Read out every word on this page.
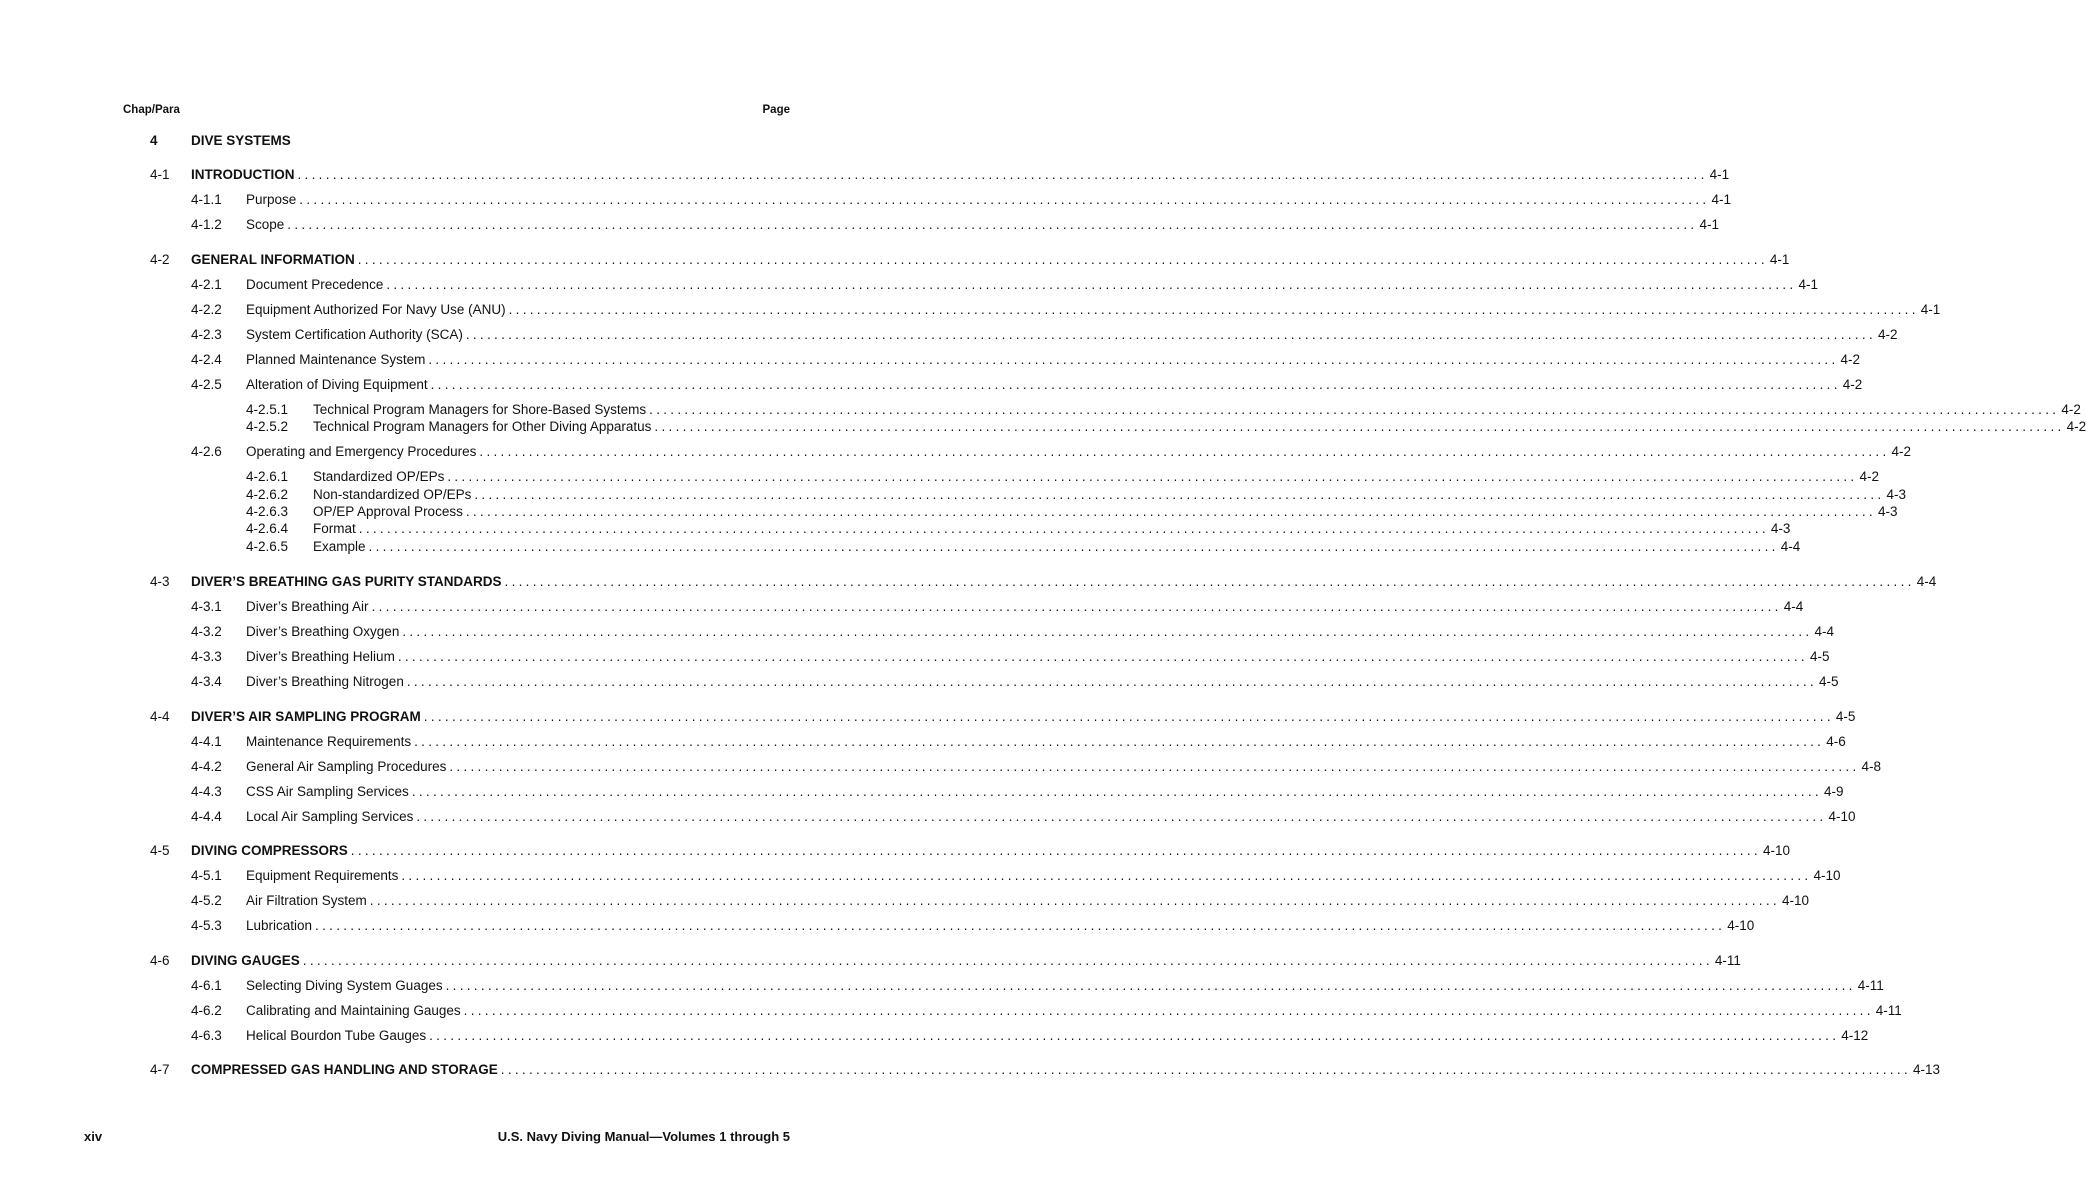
Chap/Para	Page
4 DIVE SYSTEMS
4-1 INTRODUCTION ........................................................................................................................................................................................................ 4-1
4-1.1 Purpose ........................................................................................................................................................................................................ 4-1
4-1.2 Scope ........................................................................................................................................................................................................ 4-1
4-2 GENERAL INFORMATION ........................................................................................................................................................................................................ 4-1
4-2.1 Document Precedence ........................................................................................................................................................................................................ 4-1
4-2.2 Equipment Authorized For Navy Use (ANU) ........................................................................................................................................................................................................ 4-1
4-2.3 System Certification Authority (SCA) ........................................................................................................................................................................................................ 4-2
4-2.4 Planned Maintenance System ........................................................................................................................................................................................................ 4-2
4-2.5 Alteration of Diving Equipment ........................................................................................................................................................................................................ 4-2
4-2.5.1 Technical Program Managers for Shore-Based Systems ........................................................................................................................................................................................................ 4-2
4-2.5.2 Technical Program Managers for Other Diving Apparatus ........................................................................................................................................................................................................ 4-2
4-2.6 Operating and Emergency Procedures ........................................................................................................................................................................................................ 4-2
4-2.6.1 Standardized OP/EPs ........................................................................................................................................................................................................ 4-2
4-2.6.2 Non-standardized OP/EPs ........................................................................................................................................................................................................ 4-3
4-2.6.3 OP/EP Approval Process ........................................................................................................................................................................................................ 4-3
4-2.6.4 Format ........................................................................................................................................................................................................ 4-3
4-2.6.5 Example ........................................................................................................................................................................................................ 4-4
4-3 DIVER’S BREATHING GAS PURITY STANDARDS ........................................................................................................................................................................................................ 4-4
4-3.1 Diver’s Breathing Air ........................................................................................................................................................................................................ 4-4
4-3.2 Diver’s Breathing Oxygen ........................................................................................................................................................................................................ 4-4
4-3.3 Diver’s Breathing Helium ........................................................................................................................................................................................................ 4-5
4-3.4 Diver’s Breathing Nitrogen ........................................................................................................................................................................................................ 4-5
4-4 DIVER’S AIR SAMPLING PROGRAM ........................................................................................................................................................................................................ 4-5
4-4.1 Maintenance Requirements ........................................................................................................................................................................................................ 4-6
4-4.2 General Air Sampling Procedures ........................................................................................................................................................................................................ 4-8
4-4.3 CSS Air Sampling Services ........................................................................................................................................................................................................ 4-9
4-4.4 Local Air Sampling Services ........................................................................................................................................................................................................ 4-10
4-5 DIVING COMPRESSORS ........................................................................................................................................................................................................ 4-10
4-5.1 Equipment Requirements ........................................................................................................................................................................................................ 4-10
4-5.2 Air Filtration System ........................................................................................................................................................................................................ 4-10
4-5.3 Lubrication ........................................................................................................................................................................................................ 4-10
4-6 DIVING GAUGES ........................................................................................................................................................................................................ 4-11
4-6.1 Selecting Diving System Guages ........................................................................................................................................................................................................ 4-11
4-6.2 Calibrating and Maintaining Gauges ........................................................................................................................................................................................................ 4-11
4-6.3 Helical Bourdon Tube Gauges ........................................................................................................................................................................................................ 4-12
4-7 COMPRESSED GAS HANDLING AND STORAGE ........................................................................................................................................................................................................ 4-13
xiv	U.S. Navy Diving Manual—Volumes 1 through 5
